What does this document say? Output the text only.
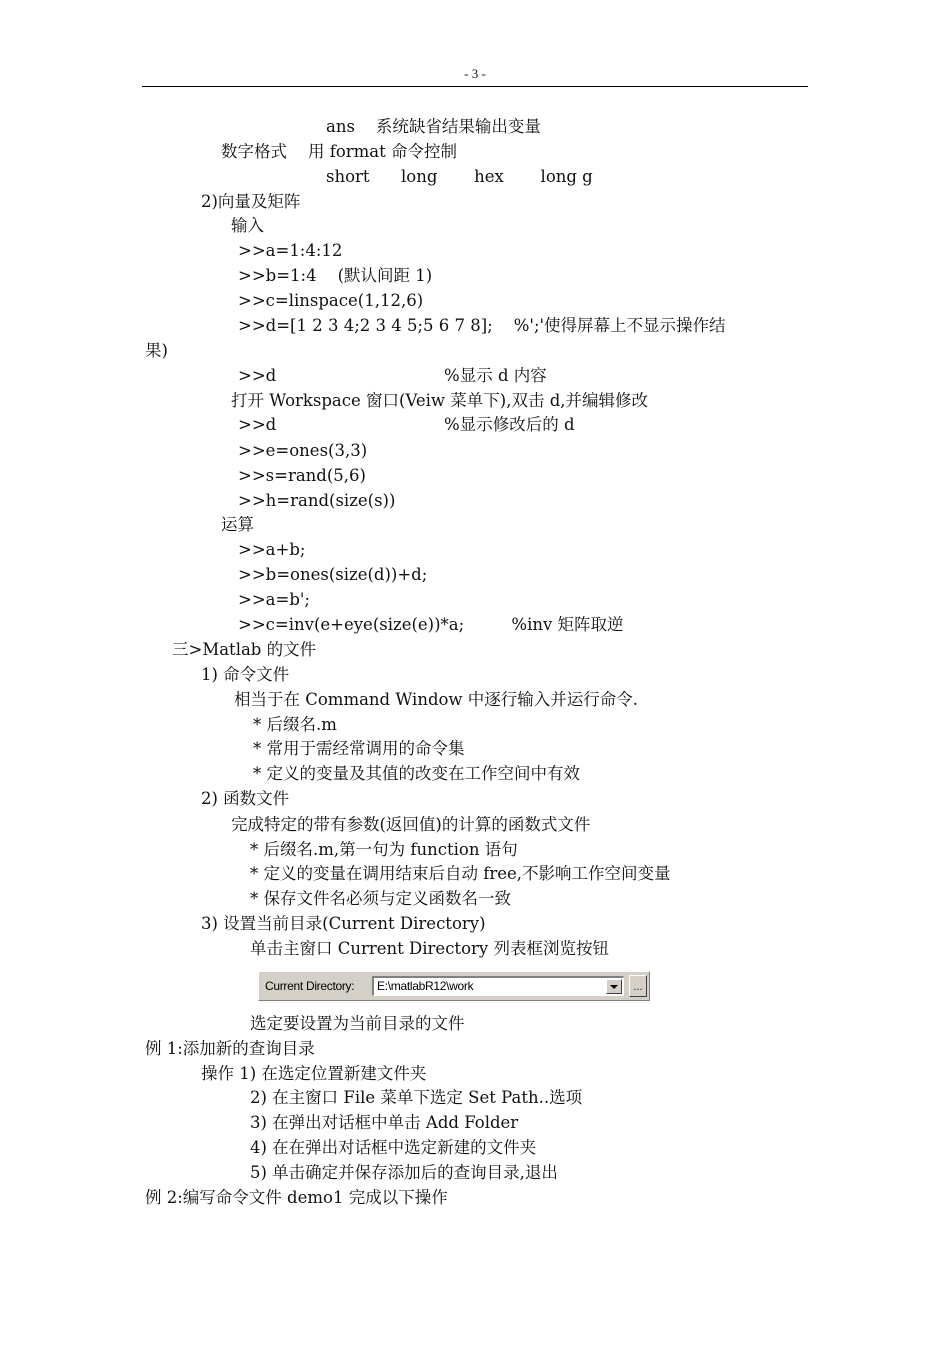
- 3 -
ans    系统缺省结果输出变量
数字格式    用 format 命令控制
short      long       hex       long g
2)向量及矩阵
输入
>>a=1:4:12
>>b=1:4    (默认间距 1)
>>c=linspace(1,12,6)
>>d=[1 2 3 4;2 3 4 5;5 6 7 8];    %';'使得屏幕上不显示操作结
果)
>>d                                %显示 d 内容
打开 Workspace 窗口(Veiw 菜单下),双击 d,并编辑修改
>>d                                %显示修改后的 d
>>e=ones(3,3)
>>s=rand(5,6)
>>h=rand(size(s))
运算
>>a+b;
>>b=ones(size(d))+d;
>>a=b';
>>c=inv(e+eye(size(e))*a;         %inv 矩阵取逆
三>Matlab 的文件
1) 命令文件
相当于在 Command Window 中逐行输入并运行命令.
* 后缀名.m
* 常用于需经常调用的命令集
* 定义的变量及其值的改变在工作空间中有效
2) 函数文件
完成特定的带有参数(返回值)的计算的函数式文件
* 后缀名.m,第一句为 function 语句
* 定义的变量在调用结束后自动 free,不影响工作空间变量
* 保存文件名必须与定义函数名一致
3) 设置当前目录(Current Directory)
单击主窗口 Current Directory 列表框浏览按钮
选定要设置为当前目录的文件
例 1:添加新的查询目录
操作 1) 在选定位置新建文件夹
2) 在主窗口 File 菜单下选定 Set Path..选项
3) 在弹出对话框中单击 Add Folder
4) 在在弹出对话框中选定新建的文件夹
5) 单击确定并保存添加后的查询目录,退出
例 2:编写命令文件 demo1 完成以下操作
Current Directory: E:\matlabR12\work	...
